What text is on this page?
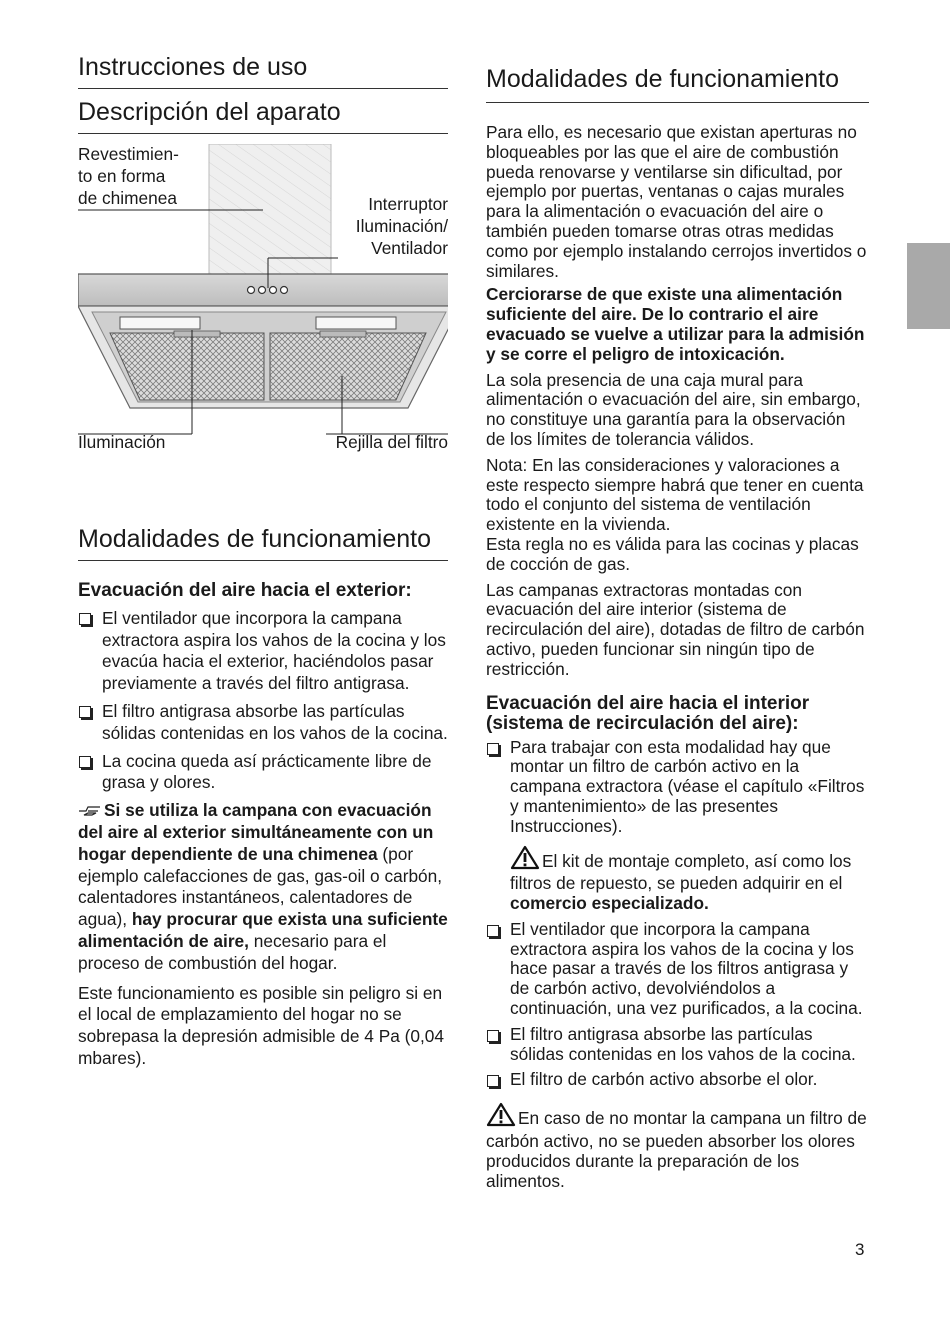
Instrucciones de uso
Descripción del aparato
Revestimien-
to en forma
de chimenea	Interruptor
Iluminación/
Ventilador
Iluminación	Rejilla del filtro
Modalidades de funcionamiento
Evacuación del aire hacia el exterior:
El ventilador que incorpora la campana extractora aspira los vahos de la cocina y los evacúa hacia el exterior, haciéndolos pasar previamente a través del filtro antigrasa.
El filtro antigrasa absorbe las partículas sólidas contenidas en los vahos de la cocina.
La cocina queda así prácticamente libre de grasa y olores.

Si se utiliza la campana con evacuación del aire al exterior simultáneamente con un hogar dependiente de una chimenea (por ejemplo calefacciones de gas, gas-oil o carbón, calentadores instantáneos, calentadores de agua), hay procurar que exista una suficiente alimentación de aire, necesario para el proceso de combustión del hogar.

Este funcionamiento es posible sin peligro si en el local de emplazamiento del hogar no se sobrepasa la depresión admisible de 4 Pa (0,04 mbares).

Modalidades de funcionamiento

Para ello, es necesario que existan aperturas no bloqueables por las que el aire de combustión pueda renovarse y ventilarse sin dificultad, por ejemplo por puertas, ventanas o cajas murales para la alimentación o evacuación del aire o también pueden tomarse otras otras medidas como por ejemplo instalando cerrojos invertidos o similares.

Cerciorarse de que existe una alimentación suficiente del aire. De lo contrario el aire evacuado se vuelve a utilizar para la admisión y se corre el peligro de intoxicación.

La sola presencia de una caja mural para alimentación o evacuación del aire, sin embargo, no constituye una garantía para la observación de los límites de tolerancia válidos.

Nota: En las consideraciones y valoraciones a este respecto siempre habrá que tener en cuenta todo el conjunto del sistema de ventilación existente en la vivienda.

Esta regla no es válida para las cocinas y placas de cocción de gas.

Las campanas extractoras montadas con evacuación del aire interior (sistema de recirculación del aire), dotadas de filtro de carbón activo, pueden funcionar sin ningún tipo de restricción.

Evacuación del aire hacia el interior (sistema de recirculación del aire):
Para trabajar con esta modalidad hay que montar un filtro de carbón activo en la campana extractora (véase el capítulo «Filtros y mantenimiento» de las presentes Instrucciones).

El kit de montaje completo, así como los filtros de repuesto, se pueden adquirir en el comercio especializado.

El ventilador que incorpora la campana extractora aspira los vahos de la cocina y los hace pasar a través de los filtros antigrasa y de carbón activo, devolviéndolos a continuación, una vez purificados, a la cocina.
El filtro antigrasa absorbe las partículas sólidas contenidas en los vahos de la cocina.
El filtro de carbón activo absorbe el olor.

En caso de no montar la campana un filtro de carbón activo, no se pueden absorber los olores producidos durante la preparación de los alimentos.

3
